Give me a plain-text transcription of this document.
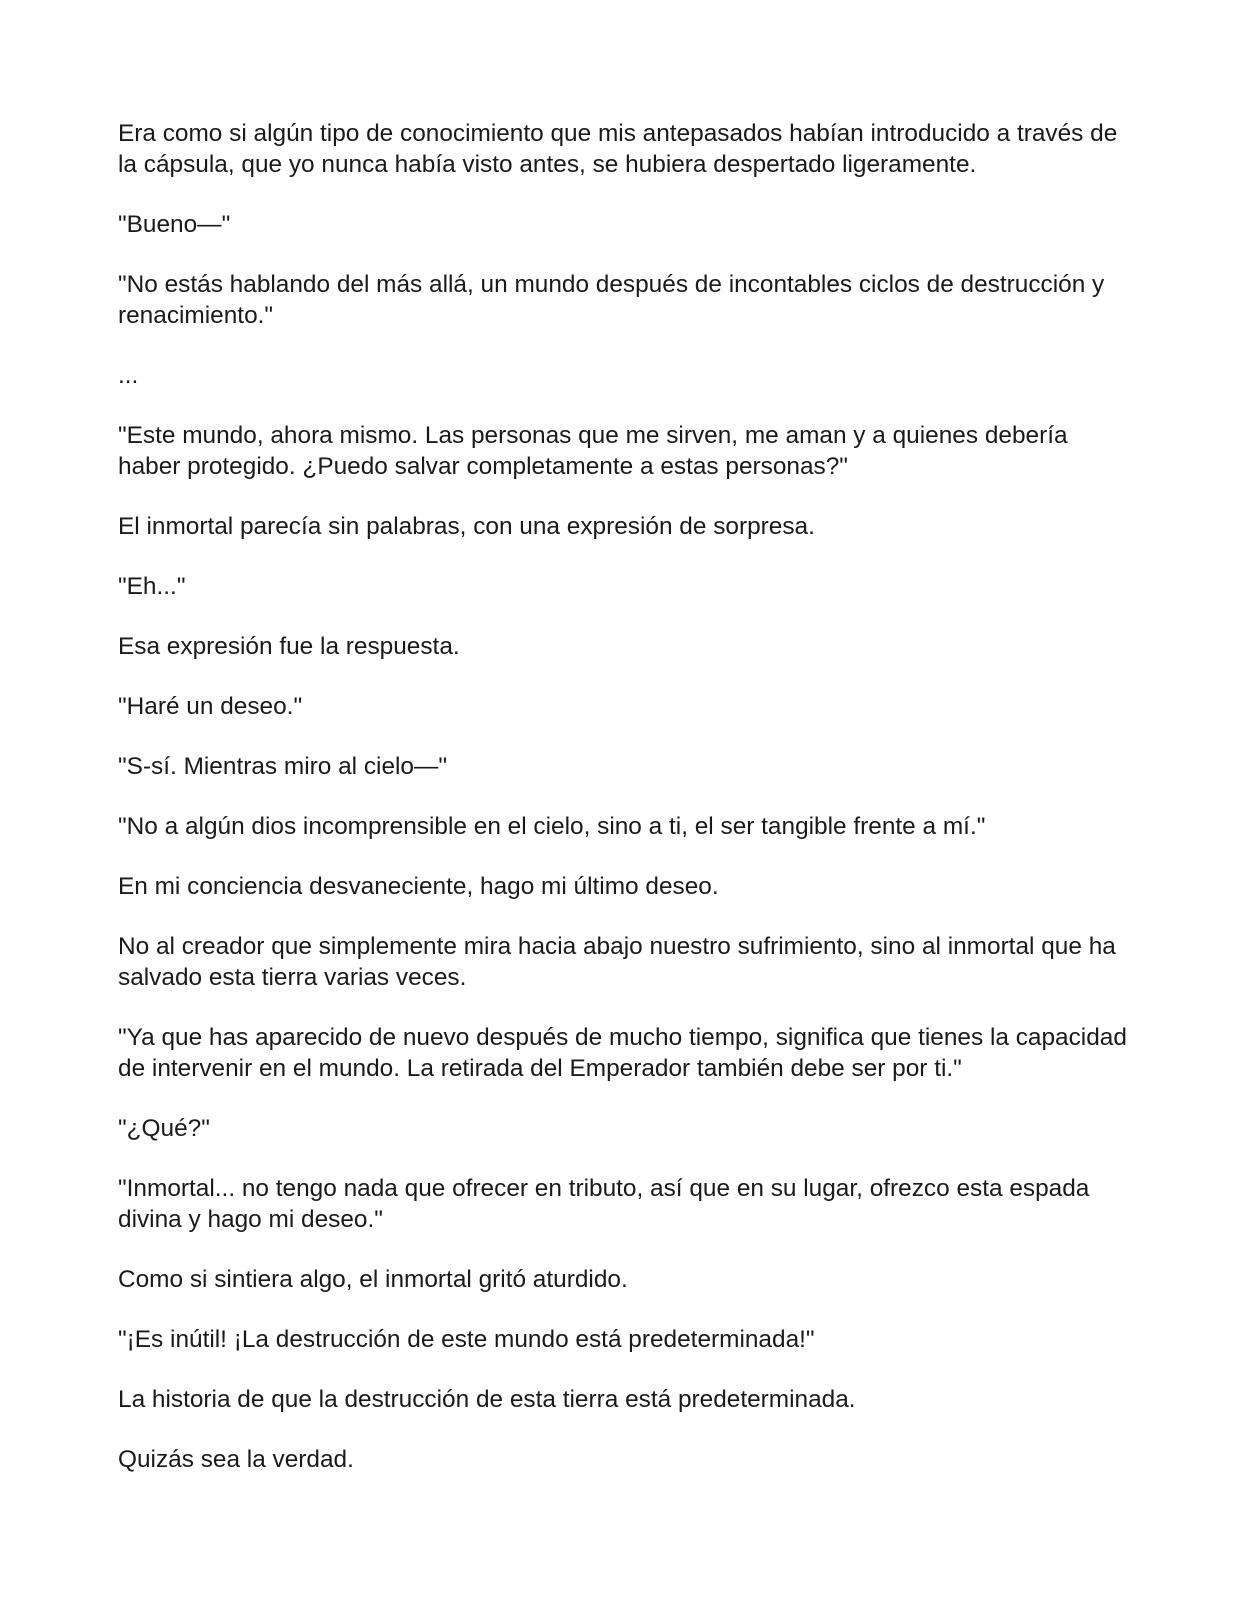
Era como si algún tipo de conocimiento que mis antepasados habían introducido a través de la cápsula, que yo nunca había visto antes, se hubiera despertado ligeramente.

"Bueno—"

"No estás hablando del más allá, un mundo después de incontables ciclos de destrucción y renacimiento."

...

"Este mundo, ahora mismo. Las personas que me sirven, me aman y a quienes debería haber protegido. ¿Puedo salvar completamente a estas personas?"

El inmortal parecía sin palabras, con una expresión de sorpresa.

"Eh..."

Esa expresión fue la respuesta.

"Haré un deseo."

"S-sí. Mientras miro al cielo—"

"No a algún dios incomprensible en el cielo, sino a ti, el ser tangible frente a mí."

En mi conciencia desvaneciente, hago mi último deseo.

No al creador que simplemente mira hacia abajo nuestro sufrimiento, sino al inmortal que ha salvado esta tierra varias veces.

"Ya que has aparecido de nuevo después de mucho tiempo, significa que tienes la capacidad de intervenir en el mundo. La retirada del Emperador también debe ser por ti."

"¿Qué?"

"Inmortal... no tengo nada que ofrecer en tributo, así que en su lugar, ofrezco esta espada divina y hago mi deseo."

Como si sintiera algo, el inmortal gritó aturdido.

"¡Es inútil! ¡La destrucción de este mundo está predeterminada!"

La historia de que la destrucción de esta tierra está predeterminada.

Quizás sea la verdad.
